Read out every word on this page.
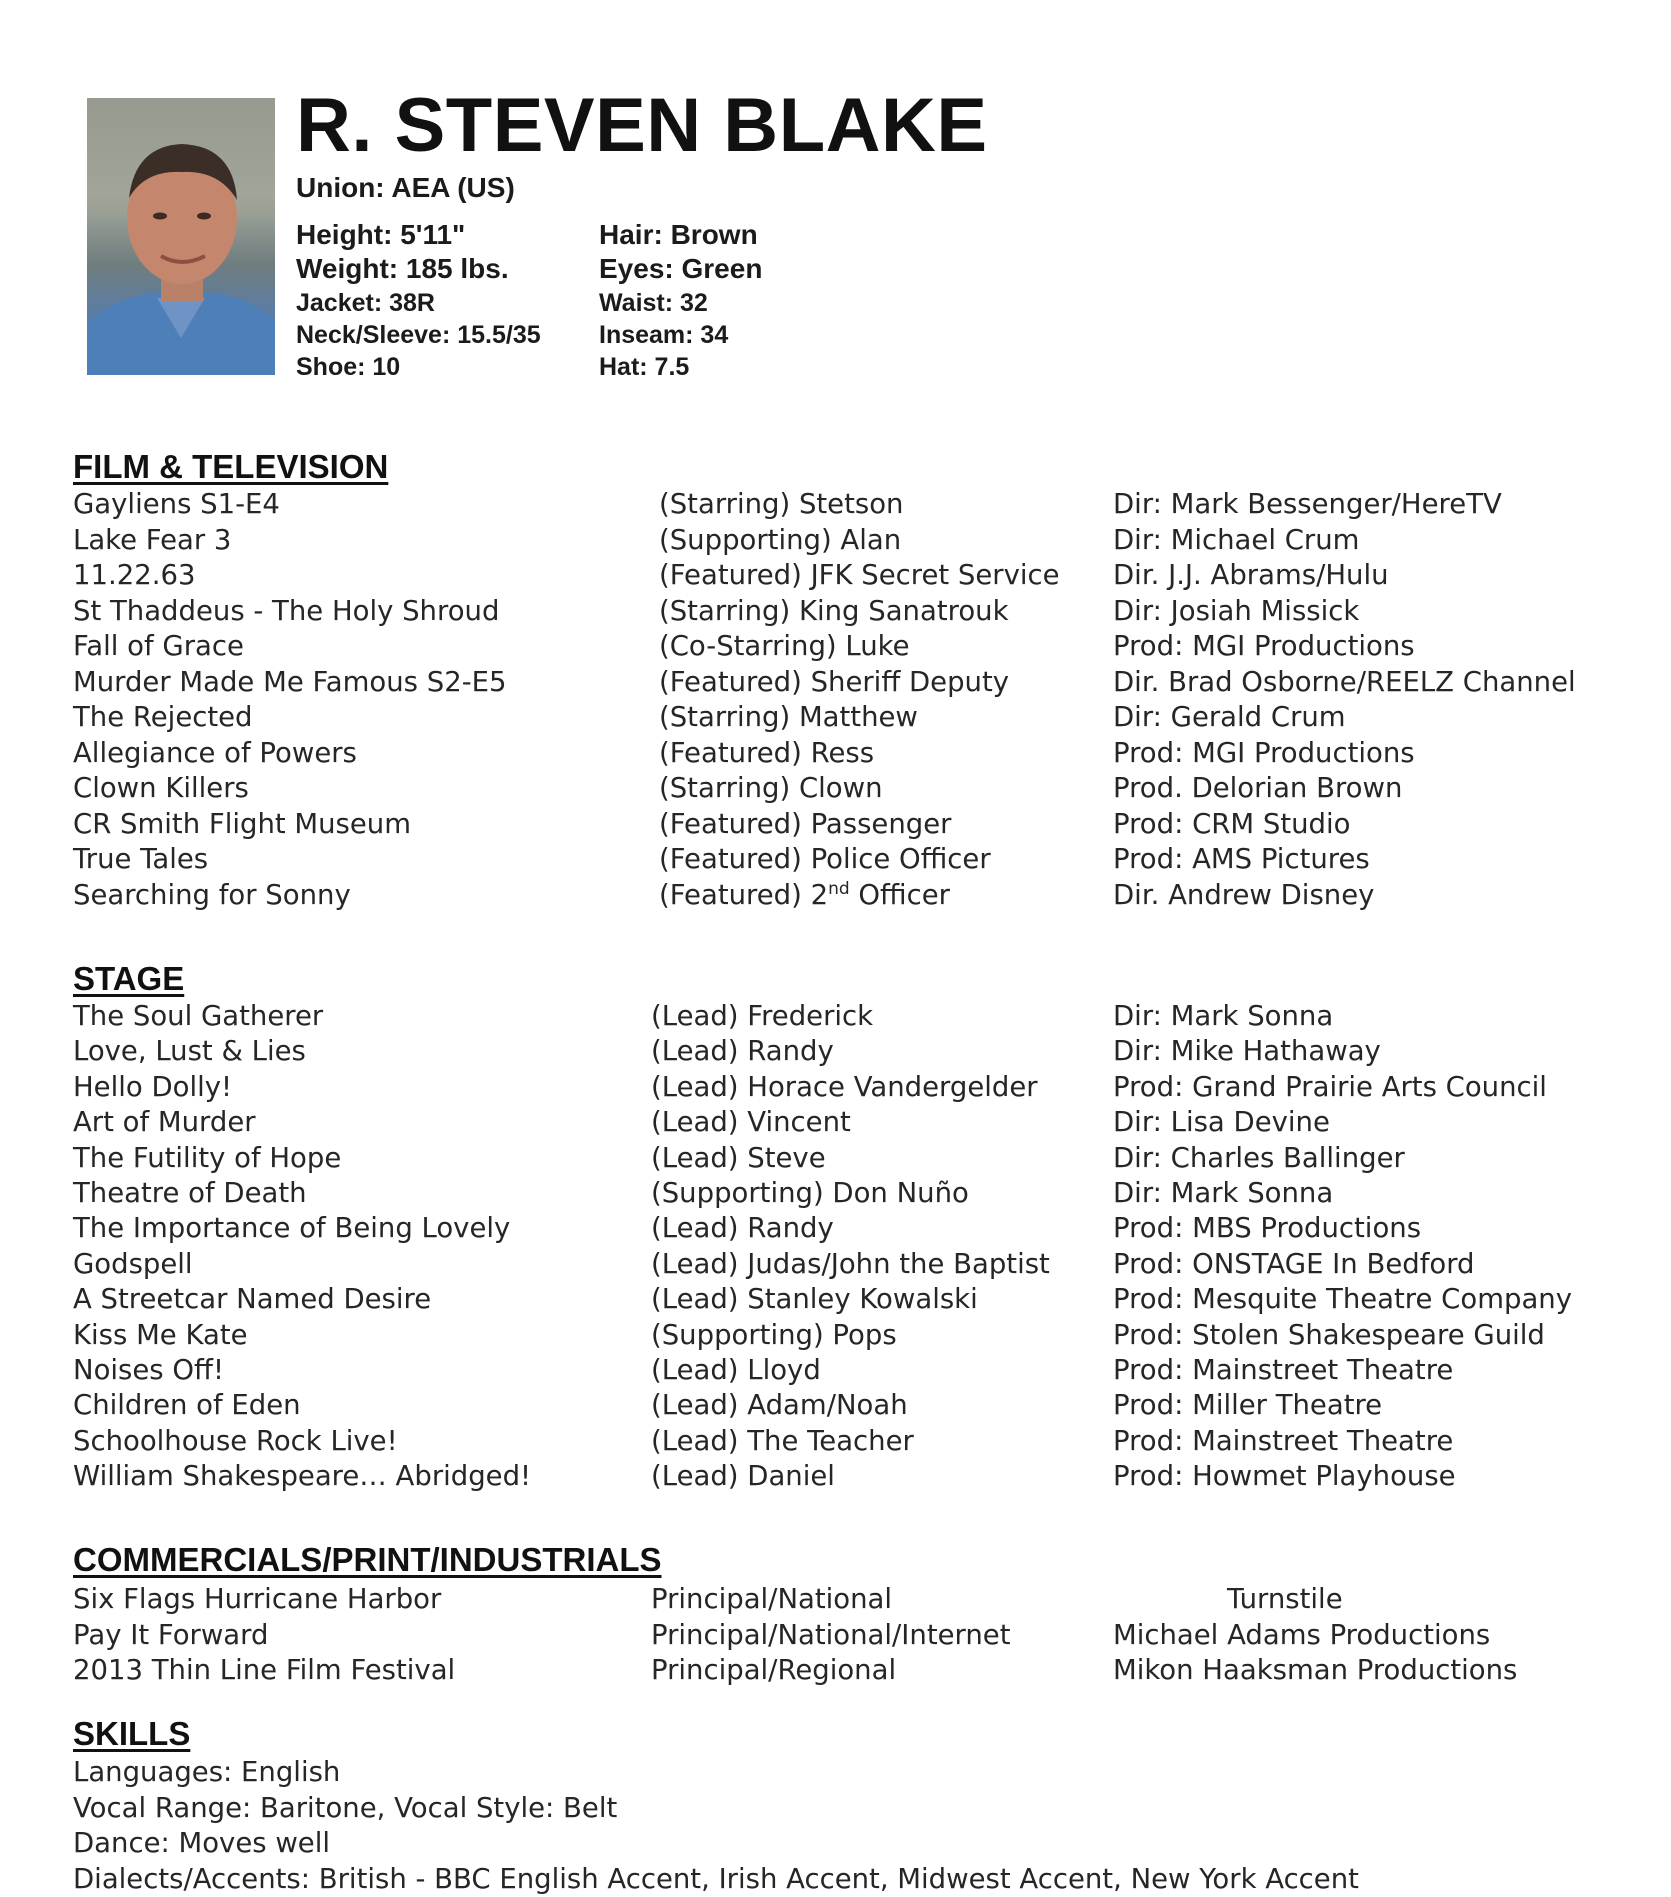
R. STEVEN BLAKE

Union: AEA (US)

Height: 5'11"

Weight: 185 lbs.

Jacket: 38R

Neck/Sleeve: 15.5/35

Shoe: 10

Hair: Brown

Eyes: Green

Waist: 32

Inseam: 34

Hat: 7.5

FILM & TELEVISION
Gayliens S1-E4	(Starring) Stetson	Dir: Mark Bessenger/HereTV
Lake Fear 3	(Supporting) Alan	Dir: Michael Crum
11.22.63	(Featured) JFK Secret Service Dir. J.J. Abrams/Hulu
St Thaddeus - The Holy Shroud	(Starring) King Sanatrouk	Dir: Josiah Missick
Fall of Grace	(Co-Starring) Luke	Prod: MGI Productions
Murder Made Me Famous S2-E5	(Featured) Sheriff Deputy	Dir. Brad Osborne/REELZ Channel
The Rejected	(Starring) Matthew	Dir: Gerald Crum
Allegiance of Powers	(Featured) Ress	Prod: MGI Productions
Clown Killers	(Starring) Clown	Prod. Delorian Brown
CR Smith Flight Museum	(Featured) Passenger	Prod: CRM Studio
True Tales	(Featured) Police Officer	Prod: AMS Pictures
Searching for Sonny	(Featured) 2nd Officer	Dir. Andrew Disney
STAGE
The Soul Gatherer	(Lead) Frederick	Dir: Mark Sonna
Love, Lust & Lies	(Lead) Randy	Dir: Mike Hathaway
Hello Dolly!	(Lead) Horace Vandergelder	Prod: Grand Prairie Arts Council
Art of Murder	(Lead) Vincent	Dir: Lisa Devine
The Futility of Hope	(Lead) Steve	Dir: Charles Ballinger
Theatre of Death	(Supporting) Don Nuño	Dir: Mark Sonna
The Importance of Being Lovely	(Lead) Randy	Prod: MBS Productions
Godspell	(Lead) Judas/John the Baptist Prod: ONSTAGE In Bedford
A Streetcar Named Desire	(Lead) Stanley Kowalski	Prod: Mesquite Theatre Company
Kiss Me Kate	(Supporting) Pops	Prod: Stolen Shakespeare Guild
Noises Off!	(Lead) Lloyd	Prod: Mainstreet Theatre
Children of Eden	(Lead) Adam/Noah	Prod: Miller Theatre
Schoolhouse Rock Live!	(Lead) The Teacher	Prod: Mainstreet Theatre
William Shakespeare… Abridged!	(Lead) Daniel	Prod: Howmet Playhouse
COMMERCIALS/PRINT/INDUSTRIALS
Six Flags Hurricane Harbor	Principal/National	Turnstile
Pay It Forward	Principal/National/Internet	Michael Adams Productions
2013 Thin Line Film Festival	Principal/Regional	Mikon Haaksman Productions
SKILLS
Languages: English
Vocal Range: Baritone, Vocal Style: Belt
Dance: Moves well
Dialects/Accents: British - BBC English Accent, Irish Accent, Midwest Accent, New York Accent
